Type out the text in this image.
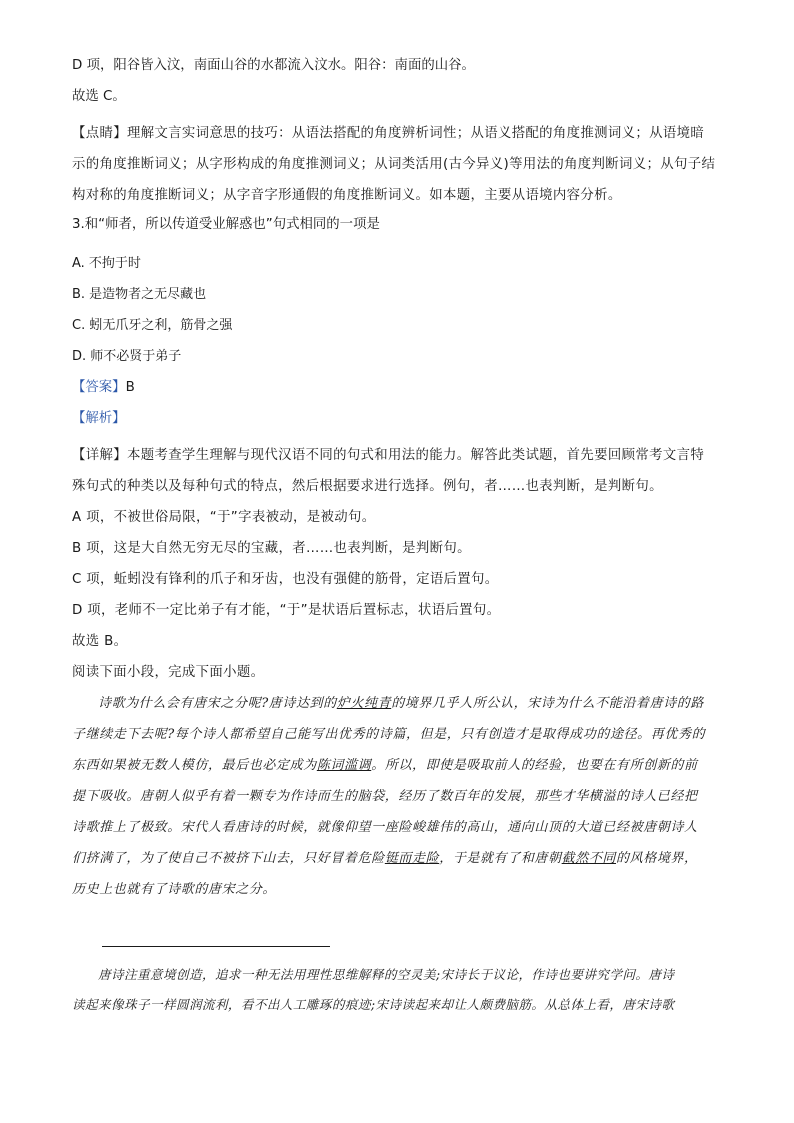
D 项，阳谷皆入汶，南面山谷的水都流入汶水。阳谷：南面的山谷。
故选 C。
【点睛】理解文言实词意思的技巧：从语法搭配的角度辨析词性；从语义搭配的角度推测词义；从语境暗
示的角度推断词义；从字形构成的角度推测词义；从词类活用(古今异义)等用法的角度判断词义；从句子结
构对称的角度推断词义；从字音字形通假的角度推断词义。如本题，主要从语境内容分析。
3.和“师者，所以传道受业解惑也”句式相同的一项是
A. 不拘于时
B. 是造物者之无尽藏也
C. 蚓无爪牙之利，筋骨之强
D. 师不必贤于弟子
【答案】B
【解析】
【详解】本题考查学生理解与现代汉语不同的句式和用法的能力。解答此类试题，首先要回顾常考文言特
殊句式的种类以及每种句式的特点，然后根据要求进行选择。例句，者……也表判断，是判断句。
A 项，不被世俗局限，“于”字表被动，是被动句。
B 项，这是大自然无穷无尽的宝藏，者……也表判断，是判断句。
C 项，蚯蚓没有锋利的爪子和牙齿，也没有强健的筋骨，定语后置句。
D 项，老师不一定比弟子有才能，“于”是状语后置标志，状语后置句。
故选 B。
阅读下面小段，完成下面小题。
诗歌为什么会有唐宋之分呢?唐诗达到的炉火纯青的境界几乎人所公认，宋诗为什么不能沿着唐诗的路
子继续走下去呢?每个诗人都希望自己能写出优秀的诗篇，但是，只有创造才是取得成功的途径。再优秀的
东西如果被无数人模仿，最后也必定成为陈词滥调。所以，即使是吸取前人的经验，也要在有所创新的前
提下吸收。唐朝人似乎有着一颗专为作诗而生的脑袋，经历了数百年的发展，那些才华横溢的诗人已经把
诗歌推上了极致。宋代人看唐诗的时候，就像仰望一座险峻雄伟的高山，通向山顶的大道已经被唐朝诗人
们挤满了，为了使自己不被挤下山去，只好冒着危险铤而走险，于是就有了和唐朝截然不同的风格境界，
历史上也就有了诗歌的唐宋之分。
唐诗注重意境创造，追求一种无法用理性思维解释的空灵美;宋诗长于议论，作诗也要讲究学问。唐诗
读起来像珠子一样圆润流利，看不出人工雕琢的痕迹;宋诗读起来却让人颇费脑筋。从总体上看，唐宋诗歌
